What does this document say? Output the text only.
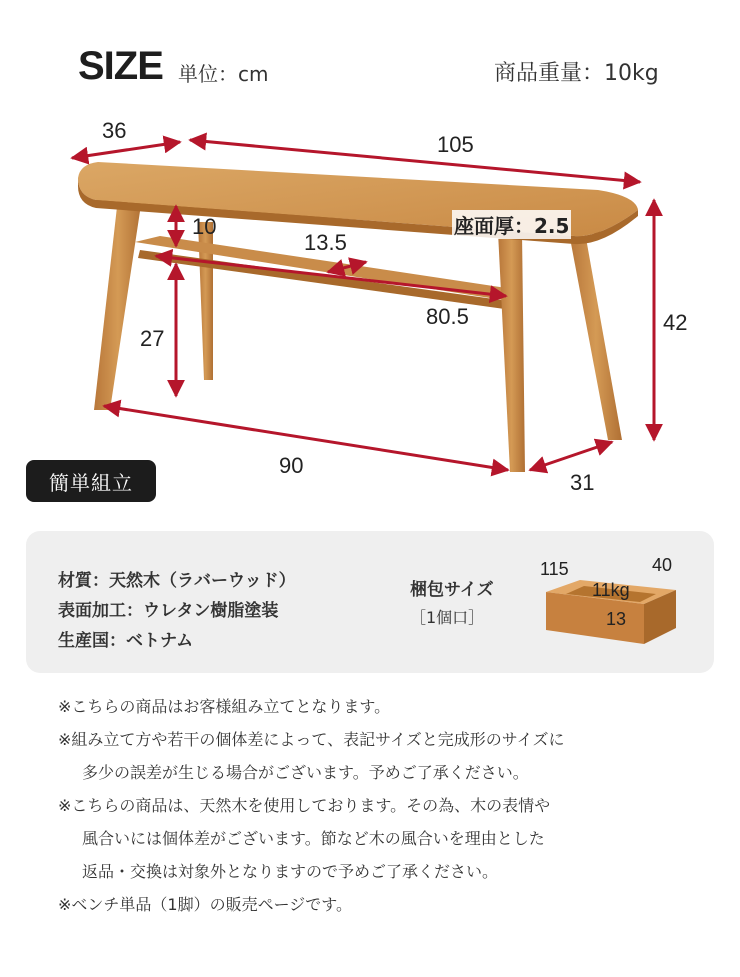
SIZE 単位：cm	商品重量：10kg
36
105
10
13.5
座面厚：2.5
42
27
80.5
90
31
簡単組立
材質：天然木（ラバーウッド）
表面加工：ウレタン樹脂塗装
生産国：ベトナム
梱包サイズ
［1個口］
115	40
11kg
13
※こちらの商品はお客様組み立てとなります。
※組み立て方や若干の個体差によって、表記サイズと完成形のサイズに
多少の誤差が生じる場合がございます。予めご了承ください。
※こちらの商品は、天然木を使用しております。その為、木の表情や
風合いには個体差がございます。節など木の風合いを理由とした
返品・交換は対象外となりますので予めご了承ください。
※ベンチ単品（1脚）の販売ページです。
